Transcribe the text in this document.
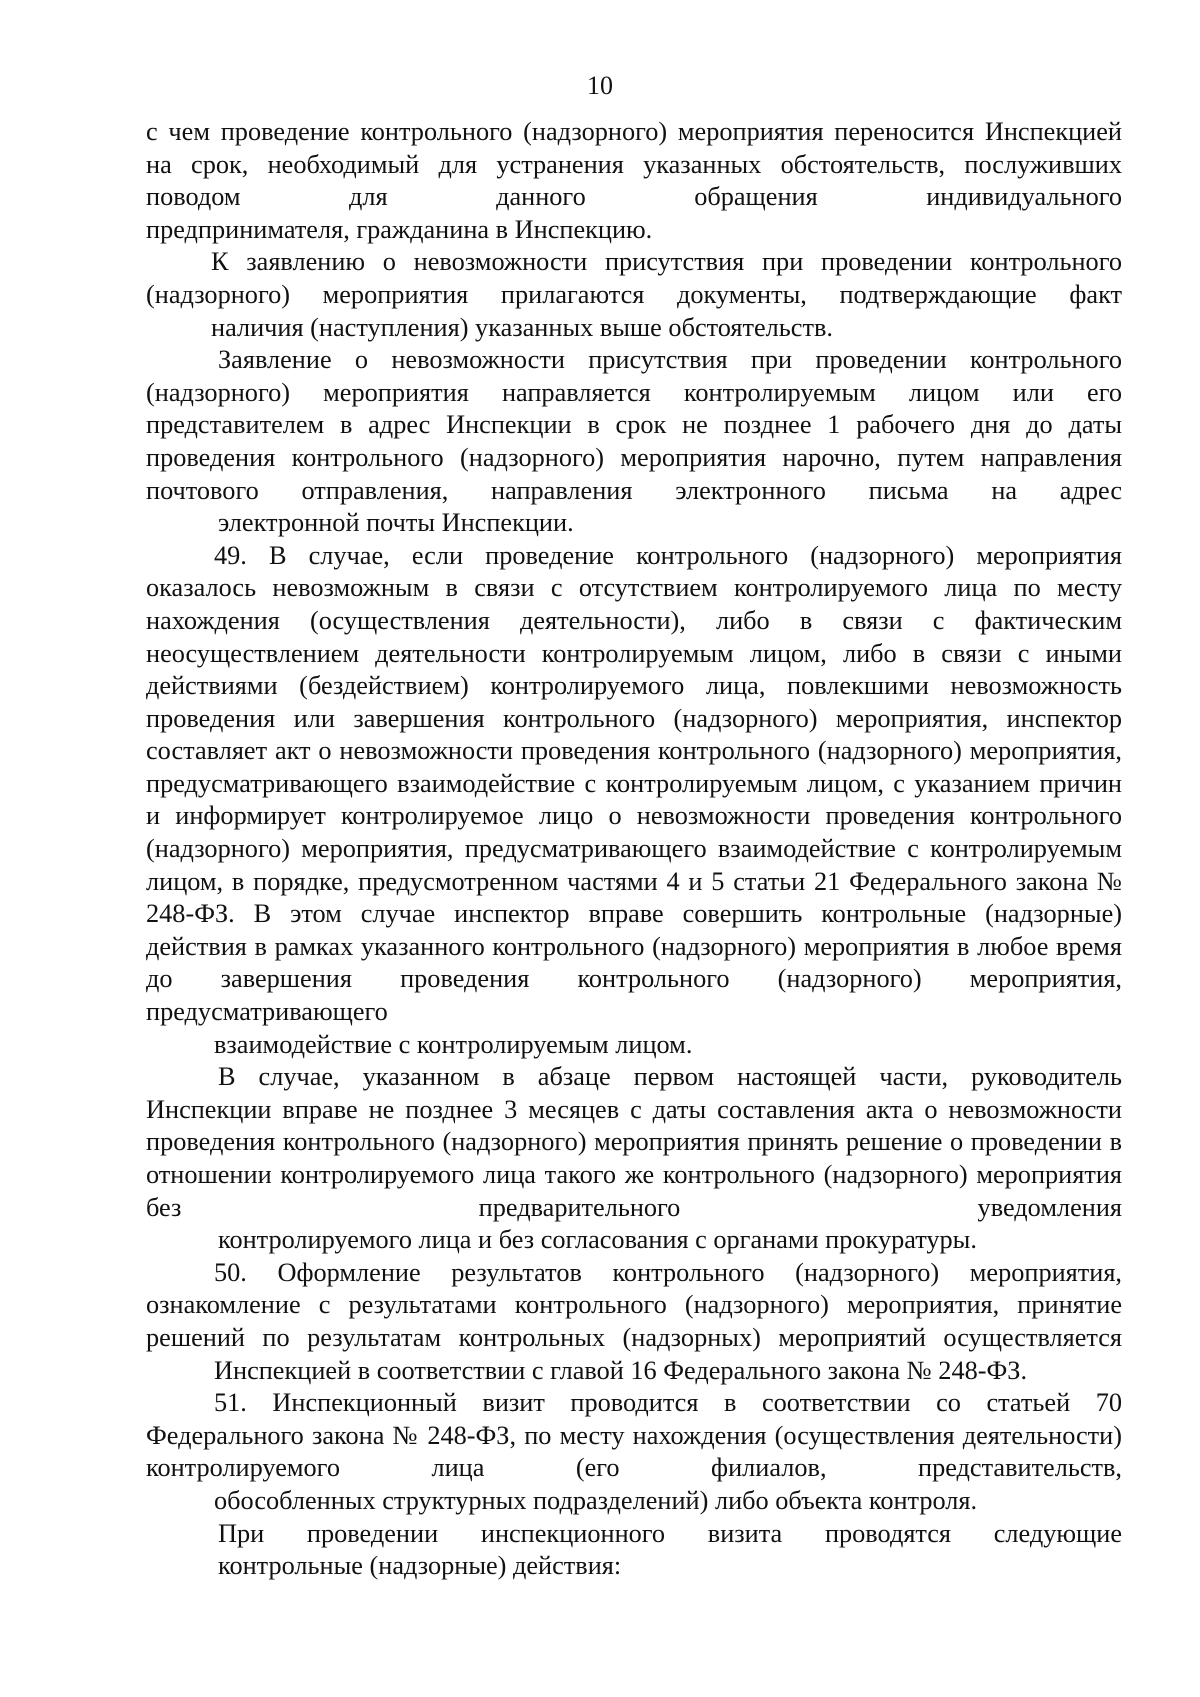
10

с чем проведение контрольного (надзорного) мероприятия переносится Инспекцией на срок, необходимый для устранения указанных обстоятельств, послуживших поводом для данного обращения индивидуального
предпринимателя, гражданина в Инспекцию.

К заявлению о невозможности присутствия при проведении контрольного (надзорного) мероприятия прилагаются документы, подтверждающие факт
наличия (наступления) указанных выше обстоятельств.

Заявление о невозможности присутствия при проведении контрольного (надзорного) мероприятия направляется контролируемым лицом или его представителем в адрес Инспекции в срок не позднее 1 рабочего дня до даты проведения контрольного (надзорного) мероприятия нарочно, путем направления почтового отправления, направления электронного письма на адрес
электронной почты Инспекции.

49. В случае, если проведение контрольного (надзорного) мероприятия оказалось невозможным в связи с отсутствием контролируемого лица по месту нахождения (осуществления деятельности), либо в связи с фактическим неосуществлением деятельности контролируемым лицом, либо в связи с иными действиями (бездействием) контролируемого лица, повлекшими невозможность проведения или завершения контрольного (надзорного) мероприятия, инспектор составляет акт о невозможности проведения контрольного (надзорного) мероприятия, предусматривающего взаимодействие с контролируемым лицом, с указанием причин и информирует контролируемое лицо о невозможности проведения контрольного (надзорного) мероприятия, предусматривающего взаимодействие с контролируемым лицом, в порядке, предусмотренном частями 4 и 5 статьи 21 Федерального закона № 248-ФЗ. В этом случае инспектор вправе совершить контрольные (надзорные) действия в рамках указанного контрольного (надзорного) мероприятия в любое время до завершения проведения контрольного (надзорного) мероприятия, предусматривающего
взаимодействие с контролируемым лицом.

В случае, указанном в абзаце первом настоящей части, руководитель Инспекции вправе не позднее 3 месяцев с даты составления акта о невозможности проведения контрольного (надзорного) мероприятия принять решение о проведении в отношении контролируемого лица такого же контрольного (надзорного) мероприятия без предварительного уведомления
контролируемого лица и без согласования с органами прокуратуры.

50. Оформление результатов контрольного (надзорного) мероприятия, ознакомление с результатами контрольного (надзорного) мероприятия, принятие решений по результатам контрольных (надзорных) мероприятий осуществляется
Инспекцией в соответствии с главой 16 Федерального закона № 248-ФЗ.

51. Инспекционный визит проводится в соответствии со статьей 70 Федерального закона № 248-ФЗ, по месту нахождения (осуществления деятельности) контролируемого лица (его филиалов, представительств,
обособленных структурных подразделений) либо объекта контроля.

При проведении инспекционного визита проводятся следующие
контрольные (надзорные) действия:
